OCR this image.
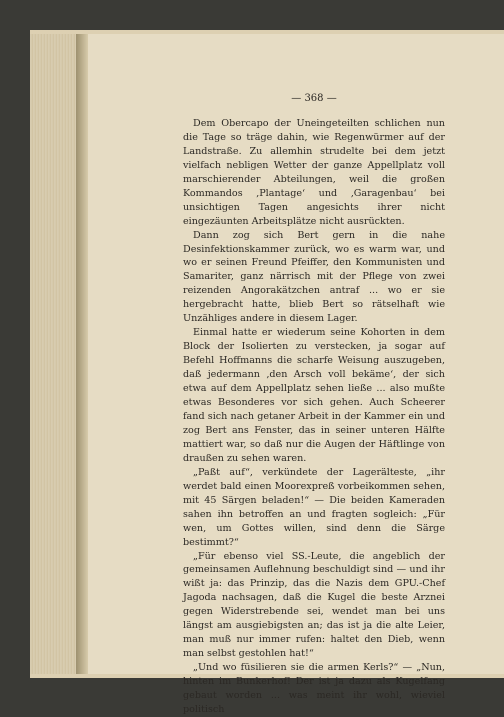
— 368 —

Dem Obercapo der Uneingeteilten schlichen nun die Tage so träge dahin, wie Regenwürmer auf der Landstraße. Zu allemhin strudelte bei dem jetzt vielfach nebligen Wetter der ganze Appellplatz voll marschierender Abteilungen, weil die großen Kommandos ‚Plantage‘ und ‚Garagenbau‘ bei unsichtigen Tagen angesichts ihrer nicht eingezäunten Arbeitsplätze nicht ausrückten.

Dann zog sich Bert gern in die nahe Desinfektionskammer zurück, wo es warm war, und wo er seinen Freund Pfeiffer, den Kommunisten und Samariter, ganz närrisch mit der Pflege von zwei reizenden Angorakätzchen antraf ... wo er sie hergebracht hatte, blieb Bert so rätselhaft wie Unzähliges andere in diesem Lager.

Einmal hatte er wiederum seine Kohorten in dem Block der Isolierten zu verstecken, ja sogar auf Befehl Hoffmanns die scharfe Weisung auszugeben, daß jedermann ‚den Arsch voll bekäme‘, der sich etwa auf dem Appellplatz sehen ließe ... also mußte etwas Besonderes vor sich gehen. Auch Scheerer fand sich nach getaner Arbeit in der Kammer ein und zog Bert ans Fenster, das in seiner unteren Hälfte mattiert war, so daß nur die Augen der Häftlinge von draußen zu sehen waren.

„Paßt auf“, verkündete der Lagerälteste, „ihr werdet bald einen Moorexpreß vorbeikommen sehen, mit 45 Särgen beladen!“ — Die beiden Kameraden sahen ihn betroffen an und fragten sogleich: „Für wen, um Gottes willen, sind denn die Särge bestimmt?“

„Für ebenso viel SS.-Leute, die angeblich der gemeinsamen Auflehnung beschuldigt sind — und ihr wißt ja: das Prinzip, das die Nazis dem GPU.-Chef Jagoda nachsagen, daß die Kugel die beste Arznei gegen Widerstrebende sei, wendet man bei uns längst am ausgiebigsten an; das ist ja die alte Leier, man muß nur immer rufen: haltet den Dieb, wenn man selbst gestohlen hat!“

„Und wo füsilieren sie die armen Kerls?“ — „Nun, hinten im Bunkerhof! Der ist ja dazu als Kugelfang gebaut worden ... was meint ihr wohl, wieviel politisch
